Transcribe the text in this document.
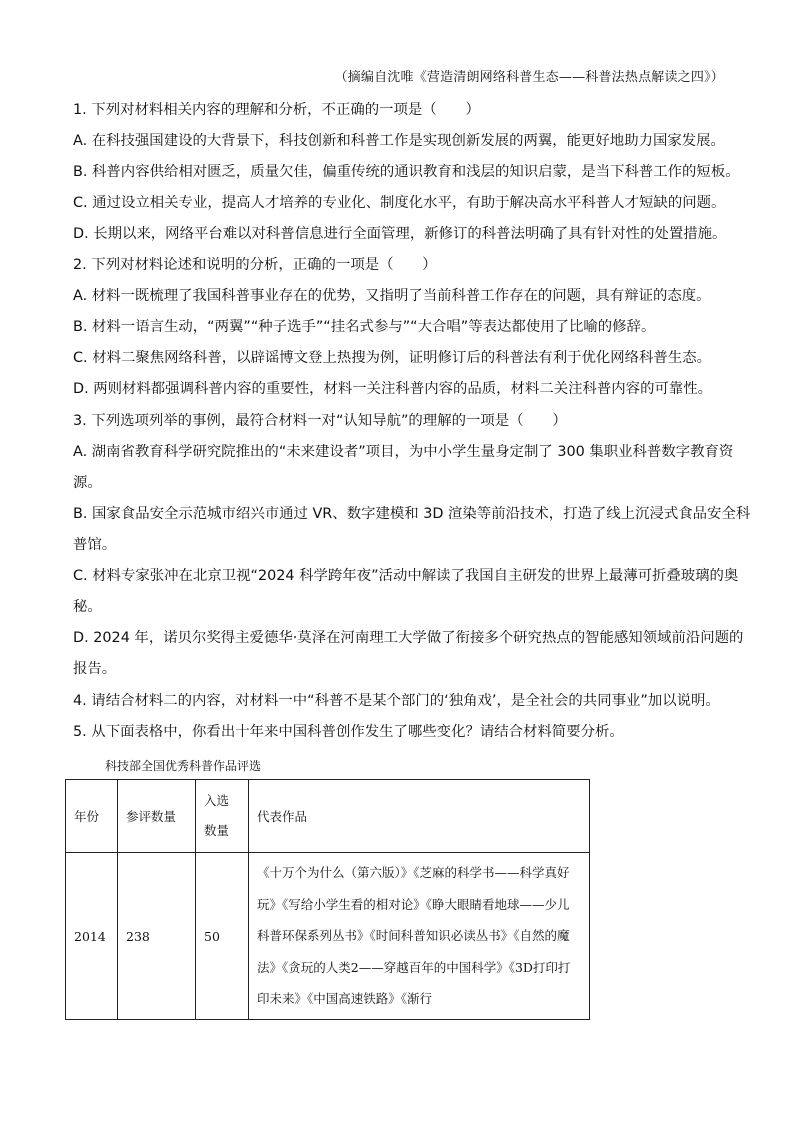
（摘编自沈唯《营造清朗网络科普生态——科普法热点解读之四》）
1. 下列对材料相关内容的理解和分析，不正确的一项是（　　）
A. 在科技强国建设的大背景下，科技创新和科普工作是实现创新发展的两翼，能更好地助力国家发展。
B. 科普内容供给相对匮乏，质量欠佳，偏重传统的通识教育和浅层的知识启蒙，是当下科普工作的短板。
C. 通过设立相关专业，提高人才培养的专业化、制度化水平，有助于解决高水平科普人才短缺的问题。
D. 长期以来，网络平台难以对科普信息进行全面管理，新修订的科普法明确了具有针对性的处置措施。
2. 下列对材料论述和说明的分析，正确的一项是（　　）
A. 材料一既梳理了我国科普事业存在的优势，又指明了当前科普工作存在的问题，具有辩证的态度。
B. 材料一语言生动，“两翼”“种子选手”“挂名式参与”“大合唱”等表达都使用了比喻的修辞。
C. 材料二聚焦网络科普，以辟谣博文登上热搜为例，证明修订后的科普法有利于优化网络科普生态。
D. 两则材料都强调科普内容的重要性，材料一关注科普内容的品质，材料二关注科普内容的可靠性。
3. 下列选项列举的事例，最符合材料一对“认知导航”的理解的一项是（　　）
A. 湖南省教育科学研究院推出的“未来建设者”项目，为中小学生量身定制了 300 集职业科普数字教育资
源。
B. 国家食品安全示范城市绍兴市通过 VR、数字建模和 3D 渲染等前沿技术，打造了线上沉浸式食品安全科
普馆。
C. 材料专家张冲在北京卫视“2024 科学跨年夜”活动中解读了我国自主研发的世界上最薄可折叠玻璃的奥
秘。
D. 2024 年，诺贝尔奖得主爱德华·莫泽在河南理工大学做了衔接多个研究热点的智能感知领域前沿问题的
报告。
4. 请结合材料二的内容，对材料一中“科普不是某个部门的‘独角戏’，是全社会的共同事业”加以说明。
5. 从下面表格中，你看出十年来中国科普创作发生了哪些变化？请结合材料简要分析。
科技部全国优秀科普作品评选
年份	参评数量	入选数量	代表作品
2014	238	50	《十万个为什么（第六版）》《芝麻的科学书——科学真好玩》《写给小学生看的相对论》《睁大眼睛看地球——少儿科普环保系列丛书》《时间科普知识必读丛书》《自然的魔法》《贪玩的人类2——穿越百年的中国科学》《3D打印打印未来》《中国高速铁路》《渐行
